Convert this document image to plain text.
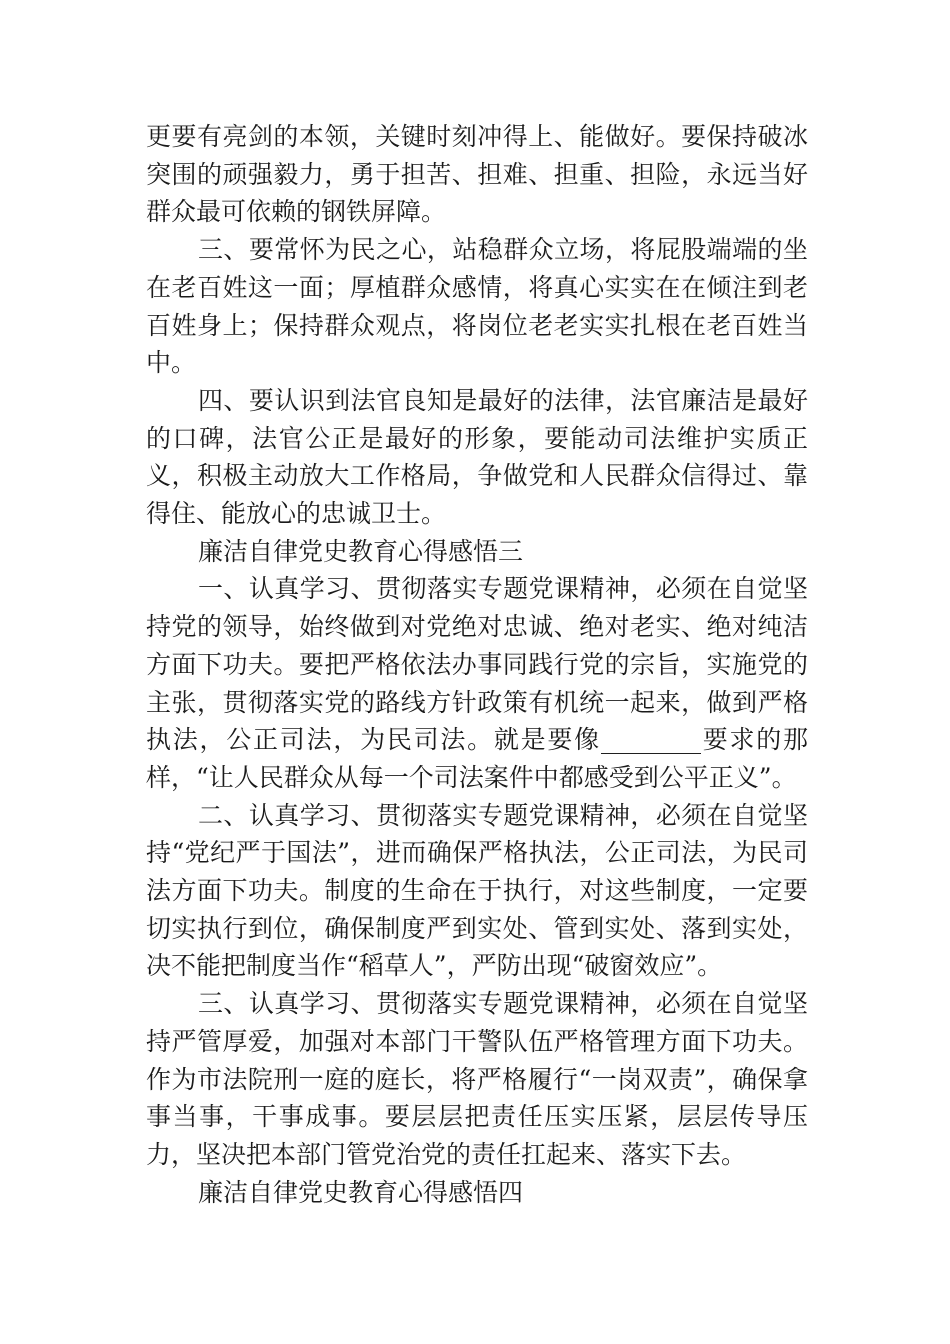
更要有亮剑的本领，关键时刻冲得上、能做好。要保持破冰突围的顽强毅力，勇于担苦、担难、担重、担险，永远当好群众最可依赖的钢铁屏障。

三、要常怀为民之心，站稳群众立场，将屁股端端的坐在老百姓这一面；厚植群众感情，将真心实实在在倾注到老百姓身上；保持群众观点，将岗位老老实实扎根在老百姓当中。

四、要认识到法官良知是最好的法律，法官廉洁是最好的口碑，法官公正是最好的形象，要能动司法维护实质正义，积极主动放大工作格局，争做党和人民群众信得过、靠得住、能放心的忠诚卫士。

廉洁自律党史教育心得感悟三

一、认真学习、贯彻落实专题党课精神，必须在自觉坚持党的领导，始终做到对党绝对忠诚、绝对老实、绝对纯洁方面下功夫。要把严格依法办事同践行党的宗旨，实施党的主张，贯彻落实党的路线方针政策有机统一起来，做到严格执法，公正司法，为民司法。就是要像________要求的那样，“让人民群众从每一个司法案件中都感受到公平正义”。

二、认真学习、贯彻落实专题党课精神，必须在自觉坚持“党纪严于国法”，进而确保严格执法，公正司法，为民司法方面下功夫。制度的生命在于执行，对这些制度，一定要切实执行到位，确保制度严到实处、管到实处、落到实处，决不能把制度当作“稻草人”，严防出现“破窗效应”。

三、认真学习、贯彻落实专题党课精神，必须在自觉坚持严管厚爱，加强对本部门干警队伍严格管理方面下功夫。作为市法院刑一庭的庭长，将严格履行“一岗双责”，确保拿事当事，干事成事。要层层把责任压实压紧，层层传导压力，坚决把本部门管党治党的责任扛起来、落实下去。

廉洁自律党史教育心得感悟四
